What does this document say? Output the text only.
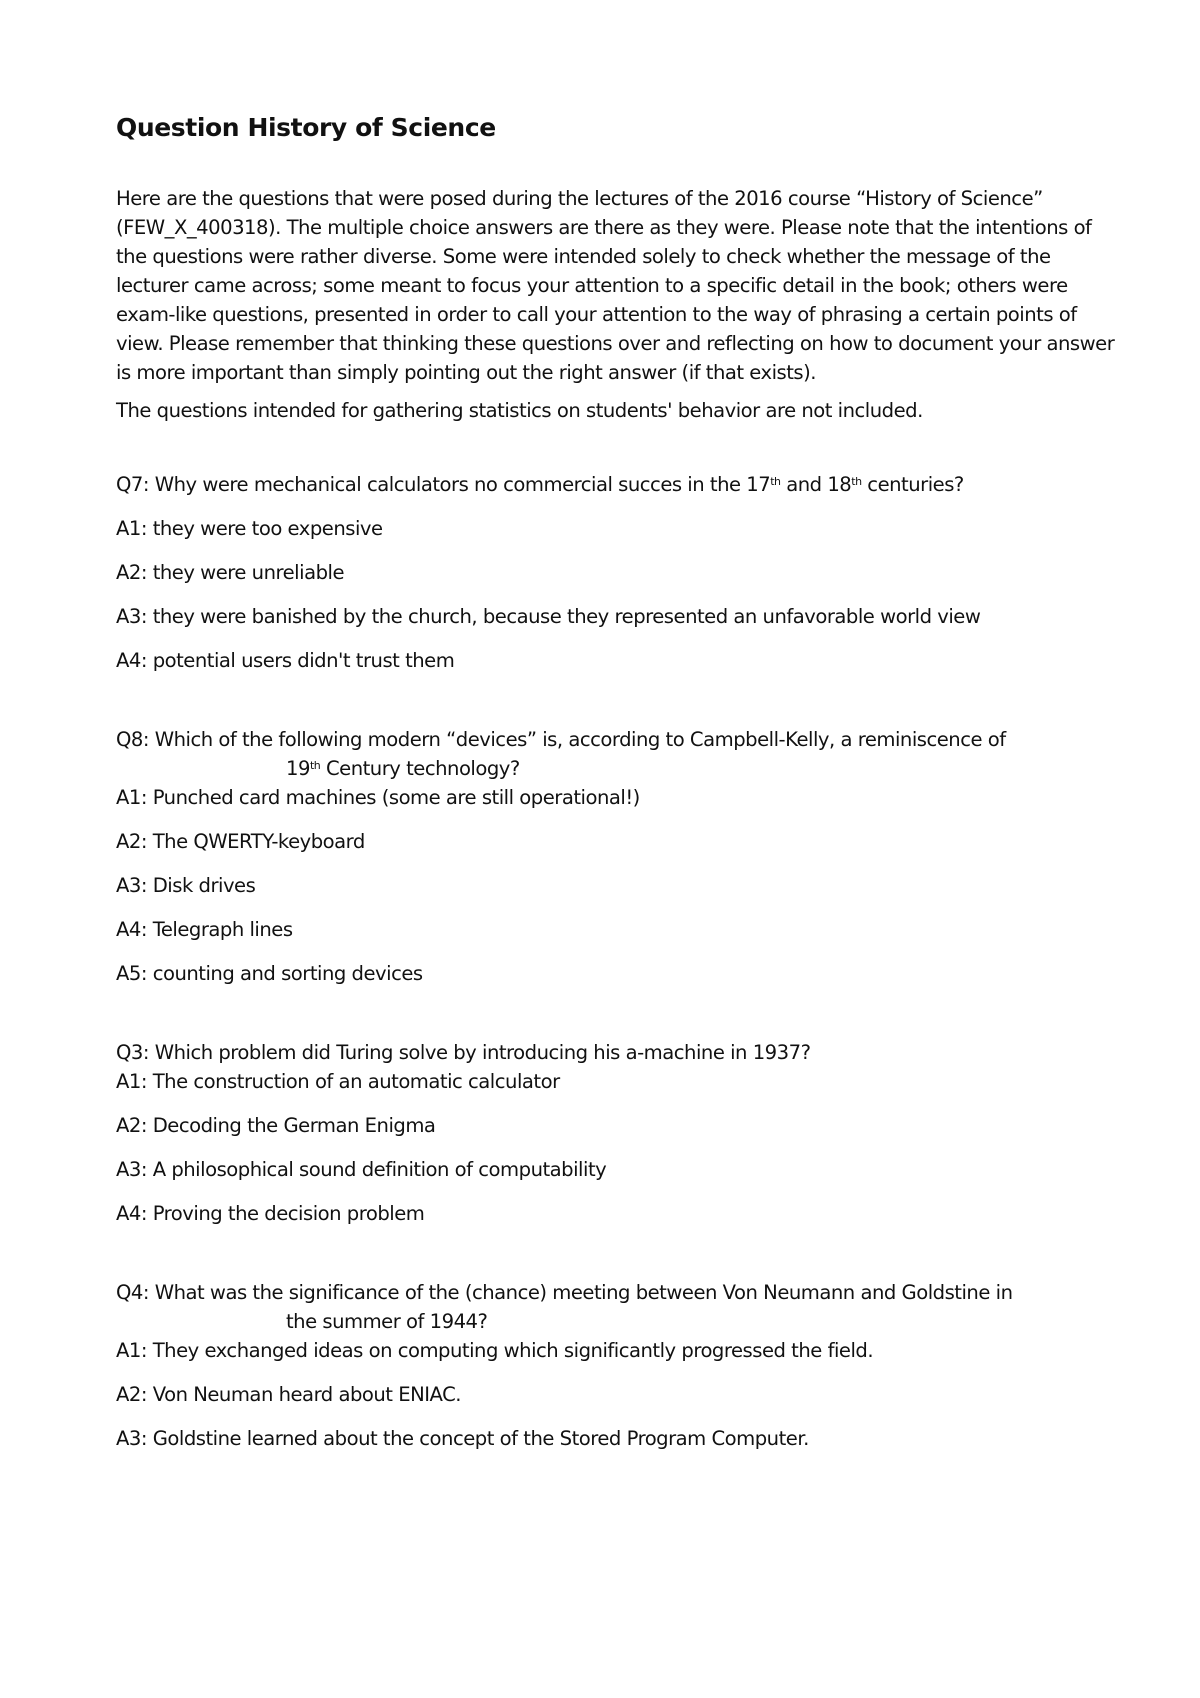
Question History of Science

Here are the questions that were posed during the lectures of the 2016 course “History of Science” (FEW_X_400318). The multiple choice answers are there as they were. Please note that the intentions of the questions were rather diverse. Some were intended solely to check whether the message of the lecturer came across; some meant to focus your attention to a specific detail in the book; others were exam-like questions, presented in order to call your attention to the way of phrasing a certain points of view. Please remember that thinking these questions over and reflecting on how to document your answer is more important than simply pointing out the right answer (if that exists).

The questions intended for gathering statistics on students' behavior are not included.

Q7: Why were mechanical calculators no commercial succes in the 17th and 18th centuries?

A1: they were too expensive

A2: they were unreliable

A3: they were banished by the church, because they represented an unfavorable world view

A4: potential users didn't trust them

Q8: Which of the following modern “devices” is, according to Campbell-Kelly, a reminiscence of
19th Century technology?

A1: Punched card machines (some are still operational!)

A2: The QWERTY-keyboard

A3: Disk drives

A4: Telegraph lines

A5: counting and sorting devices

Q3: Which problem did Turing solve by introducing his a-machine in 1937?

A1: The construction of an automatic calculator

A2: Decoding the German Enigma

A3: A philosophical sound definition of computability

A4: Proving the decision problem

Q4: What was the significance of the (chance) meeting between Von Neumann and Goldstine in
the summer of 1944?

A1: They exchanged ideas on computing which significantly progressed the field.

A2: Von Neuman heard about ENIAC.

A3: Goldstine learned about the concept of the Stored Program Computer.
